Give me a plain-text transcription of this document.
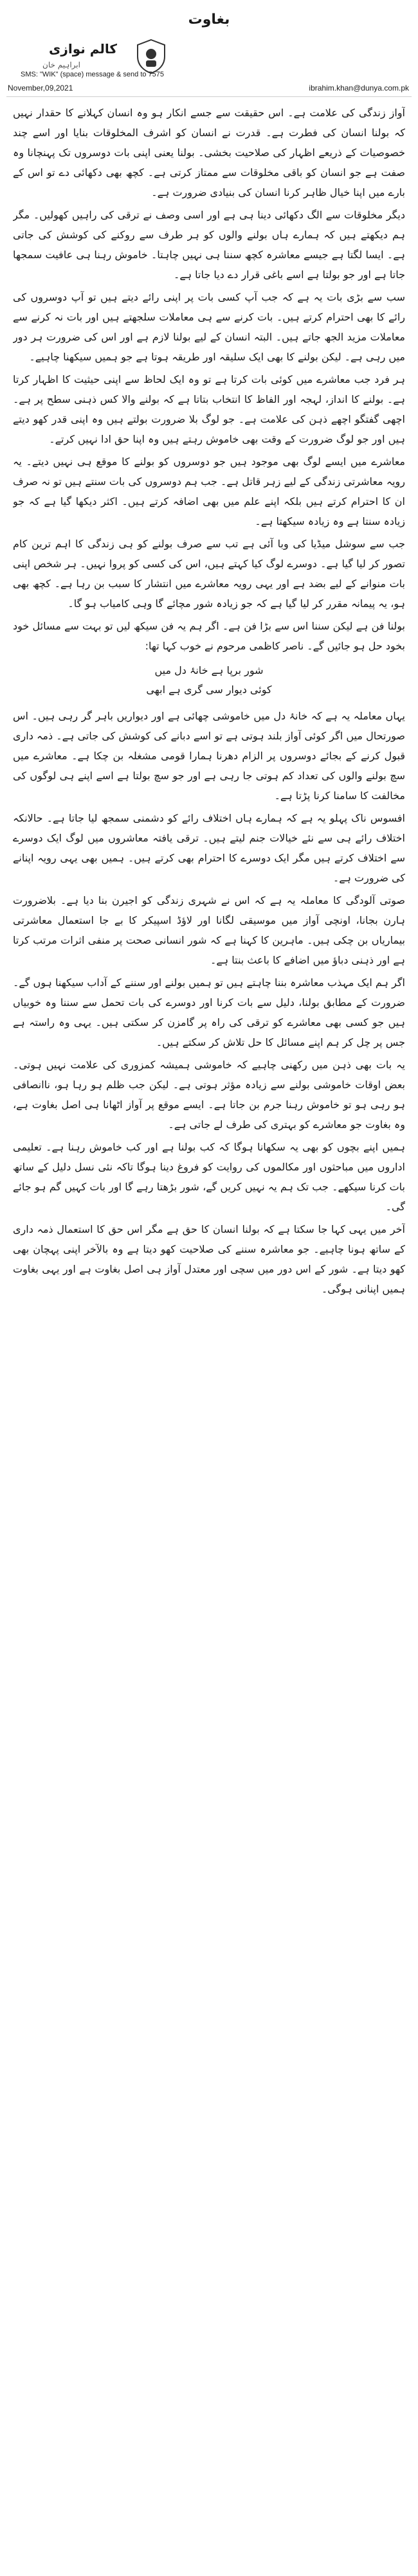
بغاوت
کالم نوازی
ابراہیم خان
SMS: "WIK" (space) message & send to 7575
November,09,2021	ibrahim.khan@dunya.com.pk

آواز زندگی کی علامت ہے۔ اس حقیقت سے جسے انکار ہو وہ انسان کہلانے کا حقدار نہیں کہ بولنا انسان کی فطرت ہے۔ قدرت نے انسان کو اشرف المخلوقات بنایا اور اسے چند خصوصیات کے ذریعے اظہار کی صلاحیت بخشی۔ بولنا یعنی اپنی بات دوسروں تک پہنچانا وہ صفت ہے جو انسان کو باقی مخلوقات سے ممتاز کرتی ہے۔ کچھ بھی دکھائی دے تو اس کے بارے میں اپنا خیال ظاہر کرنا انسان کی بنیادی ضرورت ہے۔

دیگر مخلوقات سے الگ دکھائی دینا ہی ہے اور اسی وصف نے ترقی کی راہیں کھولیں۔ مگر ہم دیکھتے ہیں کہ ہمارے ہاں بولنے والوں کو ہر طرف سے روکنے کی کوشش کی جاتی ہے۔ ایسا لگتا ہے جیسے معاشرہ کچھ سننا ہی نہیں چاہتا۔ خاموش رہنا ہی عافیت سمجھا جاتا ہے اور جو بولتا ہے اسے باغی قرار دے دیا جاتا ہے۔

سب سے بڑی بات یہ ہے کہ جب آپ کسی بات پر اپنی رائے دیتے ہیں تو آپ دوسروں کی رائے کا بھی احترام کرتے ہیں۔ بات کرنے سے ہی معاملات سلجھتے ہیں اور بات نہ کرنے سے معاملات مزید الجھ جاتے ہیں۔ البتہ انسان کے لیے بولنا لازم ہے اور اس کی ضرورت ہر دور میں رہی ہے۔ لیکن بولنے کا بھی ایک سلیقہ اور طریقہ ہوتا ہے جو ہمیں سیکھنا چاہیے۔

ہر فرد جب معاشرے میں کوئی بات کرتا ہے تو وہ ایک لحاظ سے اپنی حیثیت کا اظہار کرتا ہے۔ بولنے کا انداز، لہجہ اور الفاظ کا انتخاب بتاتا ہے کہ بولنے والا کس ذہنی سطح پر ہے۔ اچھی گفتگو اچھے ذہن کی علامت ہے۔ جو لوگ بلا ضرورت بولتے ہیں وہ اپنی قدر کھو دیتے ہیں اور جو لوگ ضرورت کے وقت بھی خاموش رہتے ہیں وہ اپنا حق ادا نہیں کرتے۔

معاشرے میں ایسے لوگ بھی موجود ہیں جو دوسروں کو بولنے کا موقع ہی نہیں دیتے۔ یہ رویہ معاشرتی زندگی کے لیے زہر قاتل ہے۔ جب ہم دوسروں کی بات سنتے ہیں تو نہ صرف ان کا احترام کرتے ہیں بلکہ اپنے علم میں بھی اضافہ کرتے ہیں۔ اکثر دیکھا گیا ہے کہ جو زیادہ سنتا ہے وہ زیادہ سیکھتا ہے۔

جب سے سوشل میڈیا کی وبا آئی ہے تب سے صرف بولنے کو ہی زندگی کا اہم ترین کام تصور کر لیا گیا ہے۔ دوسرے لوگ کیا کہتے ہیں، اس کی کسی کو پروا نہیں۔ ہر شخص اپنی بات منوانے کے لیے بضد ہے اور یہی رویہ معاشرے میں انتشار کا سبب بن رہا ہے۔ کچھ بھی ہو، یہ پیمانہ مقرر کر لیا گیا ہے کہ جو زیادہ شور مچائے گا وہی کامیاب ہو گا۔

بولنا فن ہے لیکن سننا اس سے بڑا فن ہے۔ اگر ہم یہ فن سیکھ لیں تو بہت سے مسائل خود بخود حل ہو جائیں گے۔ ناصر کاظمی مرحوم نے خوب کہا تھا:

شور برپا ہے خانۂ دل میں
کوئی دیوار سی گری ہے ابھی

یہاں معاملہ یہ ہے کہ خانۂ دل میں خاموشی چھائی ہے اور دیواریں باہر گر رہی ہیں۔ اس صورتحال میں اگر کوئی آواز بلند ہوتی ہے تو اسے دبانے کی کوشش کی جاتی ہے۔ ذمہ داری قبول کرنے کے بجائے دوسروں پر الزام دھرنا ہمارا قومی مشغلہ بن چکا ہے۔ معاشرے میں سچ بولنے والوں کی تعداد کم ہوتی جا رہی ہے اور جو سچ بولتا ہے اسے اپنے ہی لوگوں کی مخالفت کا سامنا کرنا پڑتا ہے۔

افسوس ناک پہلو یہ ہے کہ ہمارے ہاں اختلاف رائے کو دشمنی سمجھ لیا جاتا ہے۔ حالانکہ اختلاف رائے ہی سے نئے خیالات جنم لیتے ہیں۔ ترقی یافتہ معاشروں میں لوگ ایک دوسرے سے اختلاف کرتے ہیں مگر ایک دوسرے کا احترام بھی کرتے ہیں۔ ہمیں بھی یہی رویہ اپنانے کی ضرورت ہے۔

صوتی آلودگی کا معاملہ یہ ہے کہ اس نے شہری زندگی کو اجیرن بنا دیا ہے۔ بلاضرورت ہارن بجانا، اونچی آواز میں موسیقی لگانا اور لاؤڈ اسپیکر کا بے جا استعمال معاشرتی بیماریاں بن چکی ہیں۔ ماہرین کا کہنا ہے کہ شور انسانی صحت پر منفی اثرات مرتب کرتا ہے اور ذہنی دباؤ میں اضافے کا باعث بنتا ہے۔

اگر ہم ایک مہذب معاشرہ بننا چاہتے ہیں تو ہمیں بولنے اور سننے کے آداب سیکھنا ہوں گے۔ ضرورت کے مطابق بولنا، دلیل سے بات کرنا اور دوسرے کی بات تحمل سے سننا وہ خوبیاں ہیں جو کسی بھی معاشرے کو ترقی کی راہ پر گامزن کر سکتی ہیں۔ یہی وہ راستہ ہے جس پر چل کر ہم اپنے مسائل کا حل تلاش کر سکتے ہیں۔

یہ بات بھی ذہن میں رکھنی چاہیے کہ خاموشی ہمیشہ کمزوری کی علامت نہیں ہوتی۔ بعض اوقات خاموشی بولنے سے زیادہ مؤثر ہوتی ہے۔ لیکن جب ظلم ہو رہا ہو، ناانصافی ہو رہی ہو تو خاموش رہنا جرم بن جاتا ہے۔ ایسے موقع پر آواز اٹھانا ہی اصل بغاوت ہے، وہ بغاوت جو معاشرے کو بہتری کی طرف لے جاتی ہے۔

ہمیں اپنے بچوں کو بھی یہ سکھانا ہوگا کہ کب بولنا ہے اور کب خاموش رہنا ہے۔ تعلیمی اداروں میں مباحثوں اور مکالموں کی روایت کو فروغ دینا ہوگا تاکہ نئی نسل دلیل کے ساتھ بات کرنا سیکھے۔ جب تک ہم یہ نہیں کریں گے، شور بڑھتا رہے گا اور بات کہیں گم ہو جائے گی۔

آخر میں یہی کہا جا سکتا ہے کہ بولنا انسان کا حق ہے مگر اس حق کا استعمال ذمہ داری کے ساتھ ہونا چاہیے۔ جو معاشرہ سننے کی صلاحیت کھو دیتا ہے وہ بالآخر اپنی پہچان بھی کھو دیتا ہے۔ شور کے اس دور میں سچی اور معتدل آواز ہی اصل بغاوت ہے اور یہی بغاوت ہمیں اپنانی ہوگی۔
